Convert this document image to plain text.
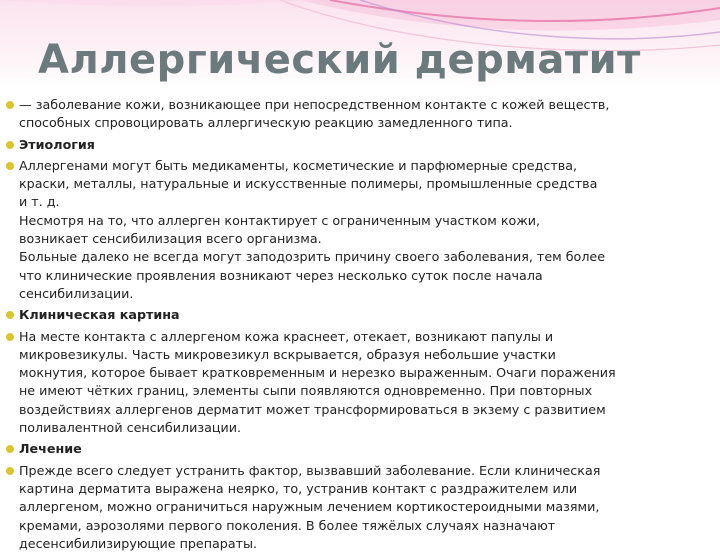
Аллергический дерматит
— заболевание кожи, возникающее при непосредственном контакте с кожей веществ,
способных спровоцировать аллергическую реакцию замедленного типа.
Этиология
Аллергенами могут быть медикаменты, косметические и парфюмерные средства,
краски, металлы, натуральные и искусственные полимеры, промышленные средства
и т. д.
Несмотря на то, что аллерген контактирует с ограниченным участком кожи,
возникает сенсибилизация всего организма.
Больные далеко не всегда могут заподозрить причину своего заболевания, тем более
что клинические проявления возникают через несколько суток после начала
сенсибилизации.
Клиническая картина
На месте контакта с аллергеном кожа краснеет, отекает, возникают папулы и
микровезикулы. Часть микровезикул вскрывается, образуя небольшие участки
мокнутия, которое бывает кратковременным и нерезко выраженным. Очаги поражения
не имеют чётких границ, элементы сыпи появляются одновременно. При повторных
воздействиях аллергенов дерматит может трансформироваться в экзему с развитием
поливалентной сенсибилизации.
Лечение
Прежде всего следует устранить фактор, вызвавший заболевание. Если клиническая
картина дерматита выражена неярко, то, устранив контакт с раздражителем или
аллергеном, можно ограничиться наружным лечением кортикостероидными мазями,
кремами, аэрозолями первого поколения. В более тяжёлых случаях назначают
десенсибилизирующие препараты.
